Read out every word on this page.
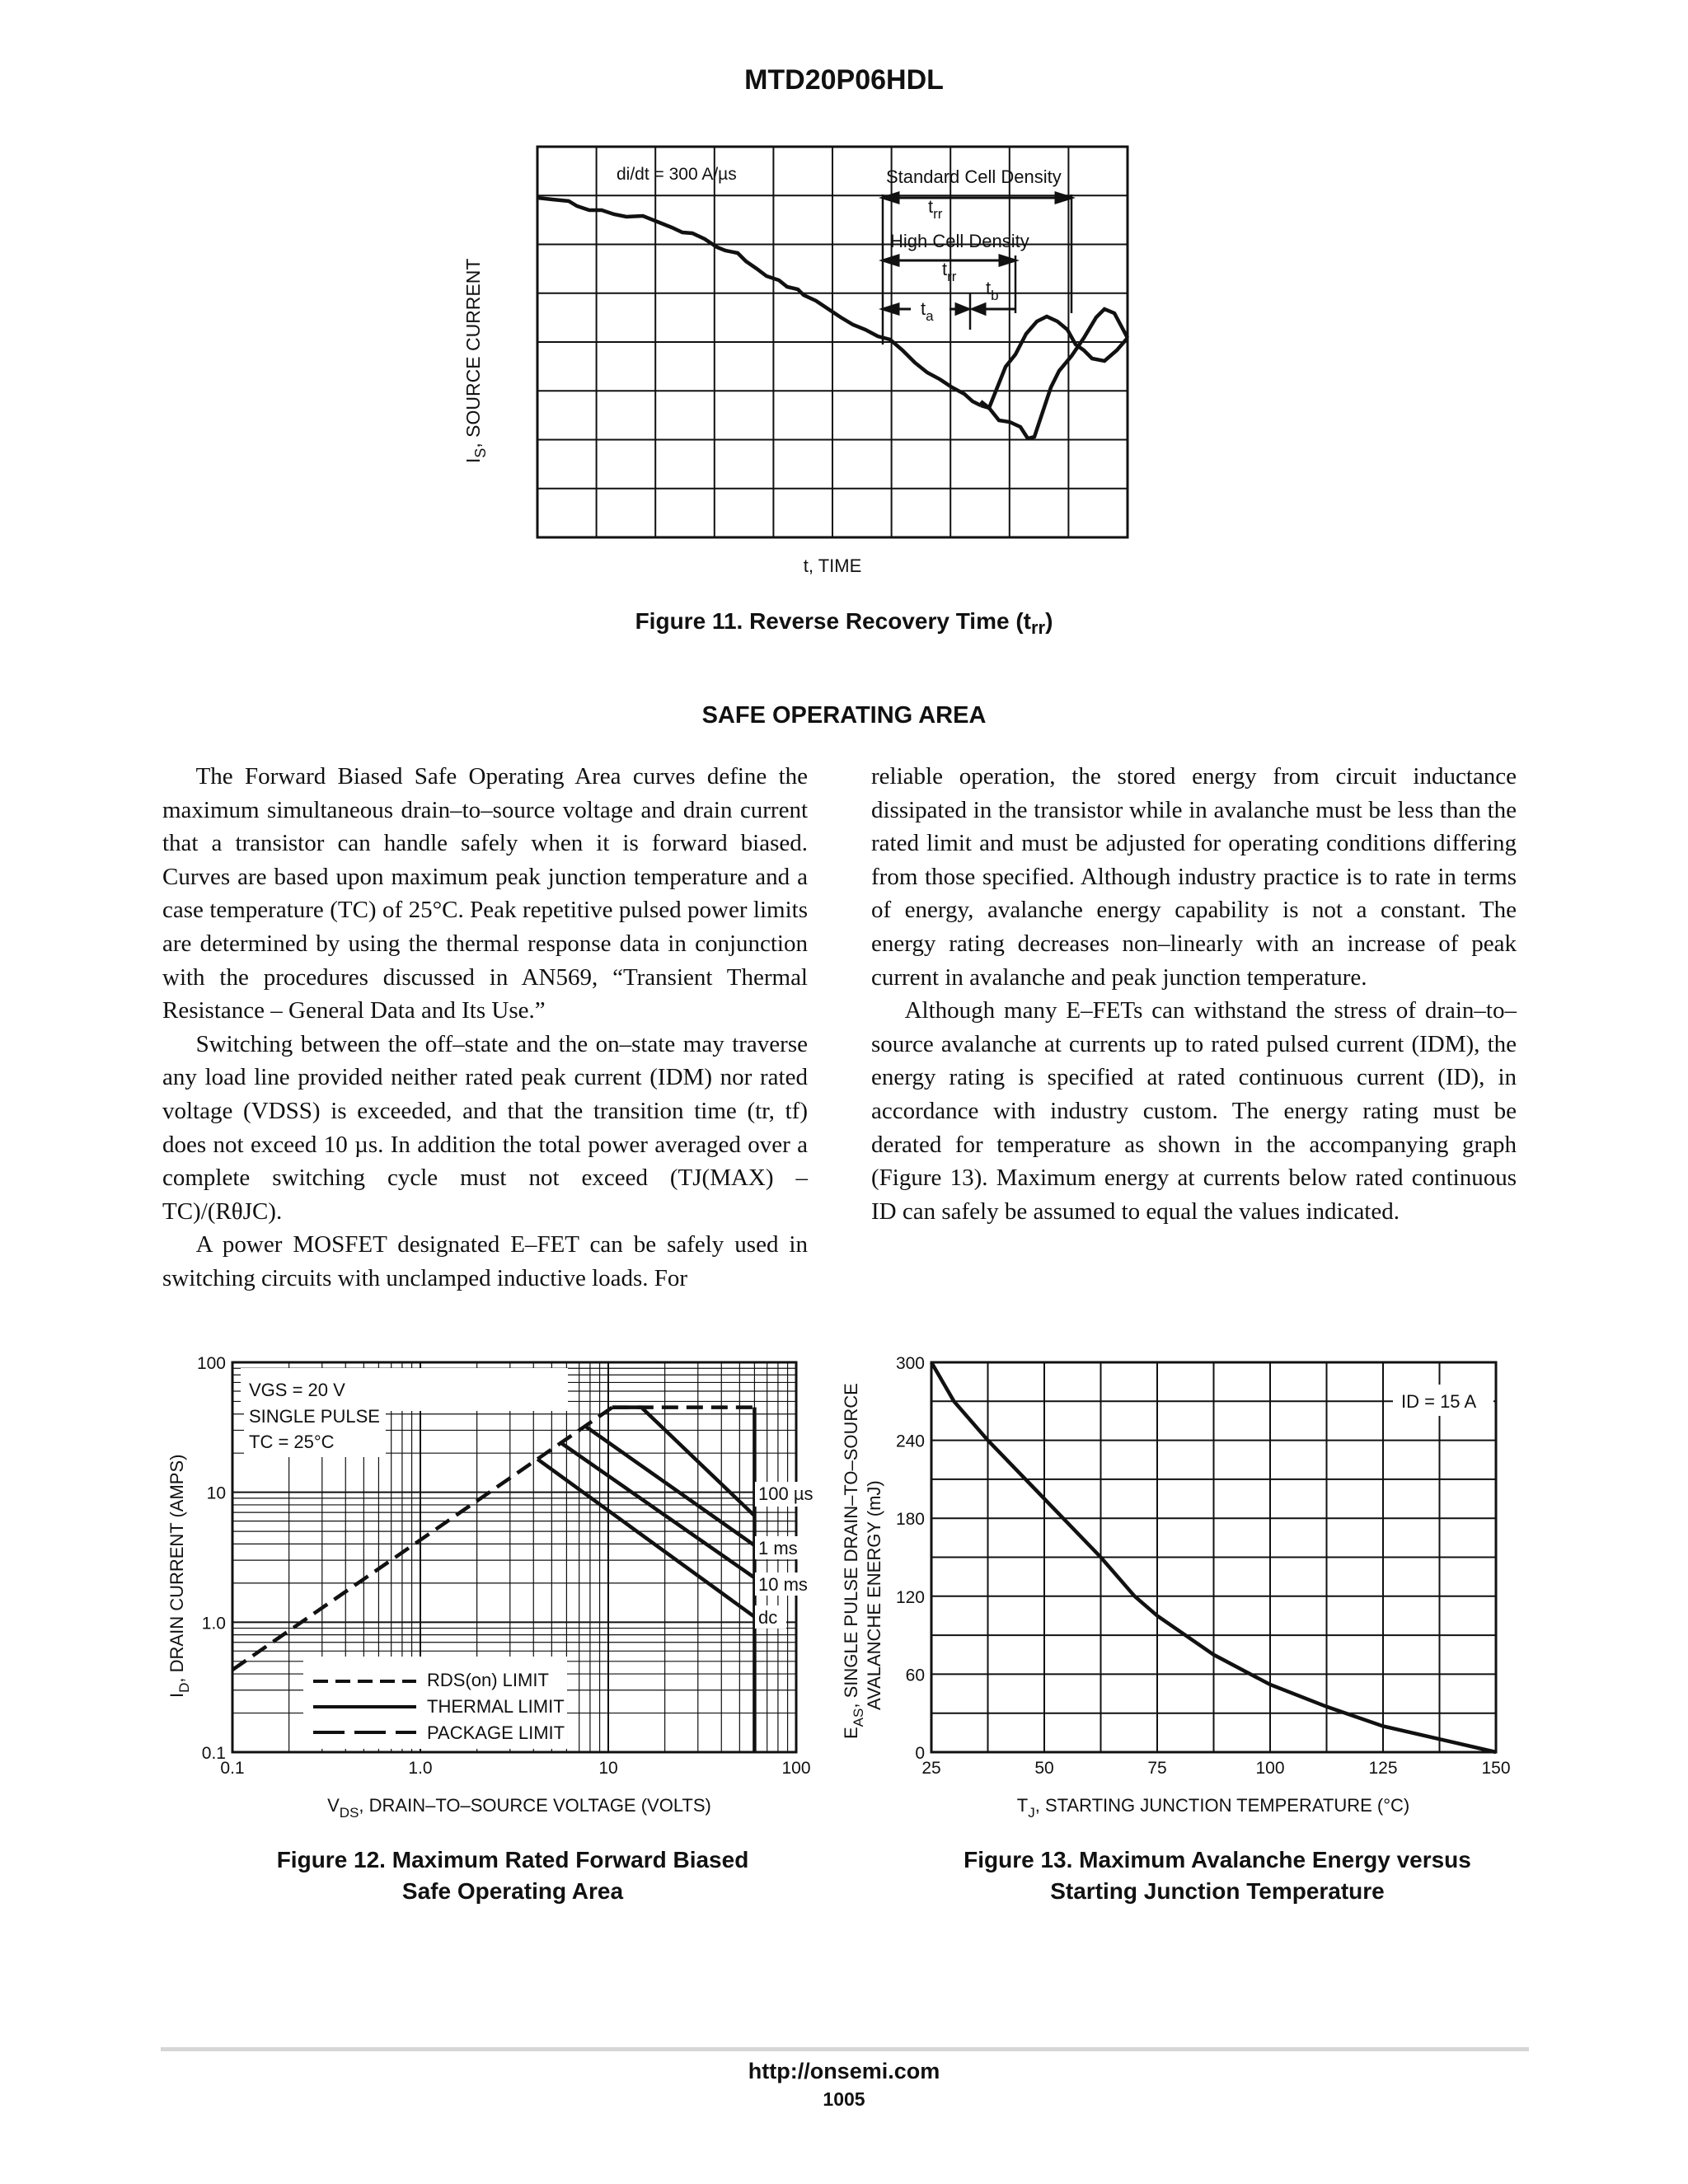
MTD20P06HDL
di/dt = 300 A/µs	Standard Cell Density
High Cell Density
$t_{rr}$
$t_{rr}$
$t_a$
$t_b$
$I_S$, SOURCE CURRENT
t, TIME
Figure 11. Reverse Recovery Time $(t_{rr})$
SAFE OPERATING AREA

The Forward Biased Safe Operating Area curves define the maximum simultaneous drain–to–source voltage and drain current that a transistor can handle safely when it is forward biased. Curves are based upon maximum peak junction temperature and a case temperature (TC) of 25°C. Peak repetitive pulsed power limits are determined by using the thermal response data in conjunction with the procedures discussed in AN569, “Transient Thermal Resistance – General Data and Its Use.”

Switching between the off–state and the on–state may traverse any load line provided neither rated peak current (IDM) nor rated voltage (VDSS) is exceeded, and that the transition time (tr, tf) does not exceed 10 µs. In addition the total power averaged over a complete switching cycle must not exceed (TJ(MAX) – TC)/(RθJC).

A power MOSFET designated E–FET can be safely used in switching circuits with unclamped inductive loads. For

reliable operation, the stored energy from circuit inductance dissipated in the transistor while in avalanche must be less than the rated limit and must be adjusted for operating conditions differing from those specified. Although industry practice is to rate in terms of energy, avalanche energy capability is not a constant. The energy rating decreases non–linearly with an increase of peak current in avalanche and peak junction temperature.

Although many E–FETs can withstand the stress of drain–to–source avalanche at currents up to rated pulsed current (IDM), the energy rating is specified at rated continuous current (ID), in accordance with industry custom. The energy rating must be derated for temperature as shown in the accompanying graph (Figure 13). Maximum energy at currents below rated continuous ID can safely be assumed to equal the values indicated.

0.1
0.1
1.0
1.0
10
10
100
100
VGS = 20 V
SINGLE PULSE
TC = 25°C
100 µs
1 ms
10 ms
dc
RDS(on) LIMIT
THERMAL LIMIT
PACKAGE LIMIT
$V_{DS}$, DRAIN–TO–SOURCE VOLTAGE (VOLTS)
$I_D$, DRAIN CURRENT (AMPS)
25	50	75	100	125	150
0
60
120
180
240
300
ID = 15 A
$T_J$, STARTING JUNCTION TEMPERATURE (°C)
$E_{AS}$, SINGLE PULSE DRAIN–TO–SOURCE AVALANCHE ENERGY (mJ)
Figure 12. Maximum Rated Forward Biased
Safe Operating Area
Figure 13. Maximum Avalanche Energy versus
Starting Junction Temperature
http://onsemi.com
1005
